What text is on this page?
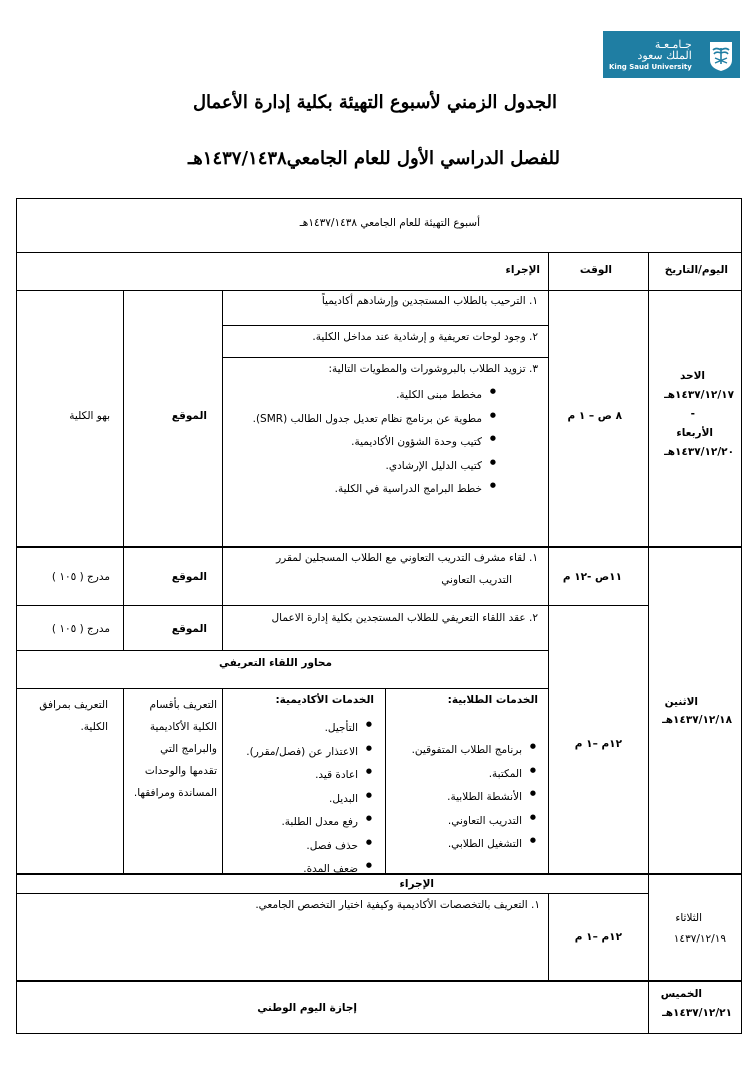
جـامـعـة
الملك سعود
King Saud University
الجدول الزمني لأسبوع التهيئة بكلية إدارة الأعمال
للفصل الدراسي الأول للعام الجامعي١٤٣٧/١٤٣٨هـ
أسبوع التهيئة للعام الجامعي ١٤٣٧/١٤٣٨هـ
اليوم/التاريخ
الوقت
الإجراء
الاحد
١٤٣٧/١٢/١٧هـ
-
الأربعاء
١٤٣٧/١٢/٢٠هـ
٨ ص – ١ م
١. الترحيب بالطلاب المستجدين وإرشادهم أكاديمياً
٢. وجود لوحات تعريفية و إرشادية عند مداخل الكلية.
٣. تزويد الطلاب بالبروشورات والمطويات التالية:
● مخطط مبنى الكلية.
● مطوية عن برنامج نظام تعديل جدول الطالب (SMR).
● كتيب وحدة الشؤون الأكاديمية.
● كتيب الدليل الإرشادي.
● خطط البرامج الدراسية في الكلية.
الموقع
بهو الكلية
الاثنين
١٤٣٧/١٢/١٨هـ
١١ص -١٢ م
١. لقاء مشرف التدريب التعاوني مع الطلاب المسجلين لمقرر
التدريب التعاوني
الموقع
مدرج ( ١٠٥ )
٢. عقد اللقاء التعريفي للطلاب المستجدين بكلية إدارة الاعمال
الموقع
مدرج ( ١٠٥ )
محاور اللقاء التعريفي
١٢م –١ م
الخدمات الطلابية:
● برنامج الطلاب المتفوقين.
● المكتبة.
● الأنشطة الطلابية.
● التدريب التعاوني.
● التشغيل الطلابي.
الخدمات الأكاديمية:
● التأجيل.
● الاعتذار عن (فصل/مقرر).
● اعادة قيد.
● البديل.
● رفع معدل الطلبة.
● حذف فصل.
● ضعف المدة.
التعريف بأقسام
الكلية الأكاديمية
والبرامج التي
تقدمها والوحدات
المساندة ومرافقها.
التعريف بمرافق
الكلية.
الإجراء
١. التعريف بالتخصصات الأكاديمية وكيفية اختيار التخصص الجامعي.
١٢م –١ م
الثلاثاء
١٤٣٧/١٢/١٩
الخميس
١٤٣٧/١٢/٢١هـ
إجازة اليوم الوطني
